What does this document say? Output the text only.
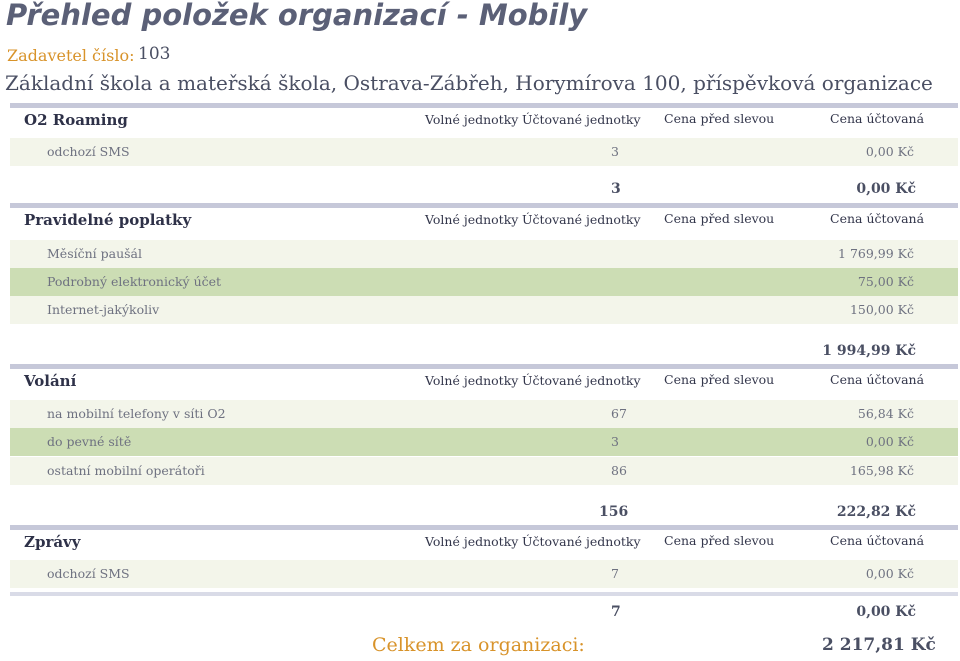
Přehled položek organizací - Mobily
Zadavetel číslo: 103
Základní škola a mateřská škola, Ostrava-Zábřeh, Horymírova 100, příspěvková organizace
O2 Roaming	Volné jednotky Účtované jednotky Cena před slevou	Cena účtovaná
odchozí SMS	3	0,00 Kč
3	0,00 Kč
Pravidelné poplatky	Volné jednotky Účtované jednotky Cena před slevou	Cena účtovaná
Měsíční paušál	1 769,99 Kč
Podrobný elektronický účet	75,00 Kč
Internet-jakýkoliv	150,00 Kč
1 994,99 Kč
Volání	Volné jednotky Účtované jednotky Cena před slevou	Cena účtovaná
na mobilní telefony v síti O2	67	56,84 Kč
do pevné sítě	3	0,00 Kč
ostatní mobilní operátoři	86	165,98 Kč
156	222,82 Kč
Zprávy	Volné jednotky Účtované jednotky Cena před slevou	Cena účtovaná
odchozí SMS	7	0,00 Kč
7	0,00 Kč
Celkem za organizaci:	2 217,81 Kč
